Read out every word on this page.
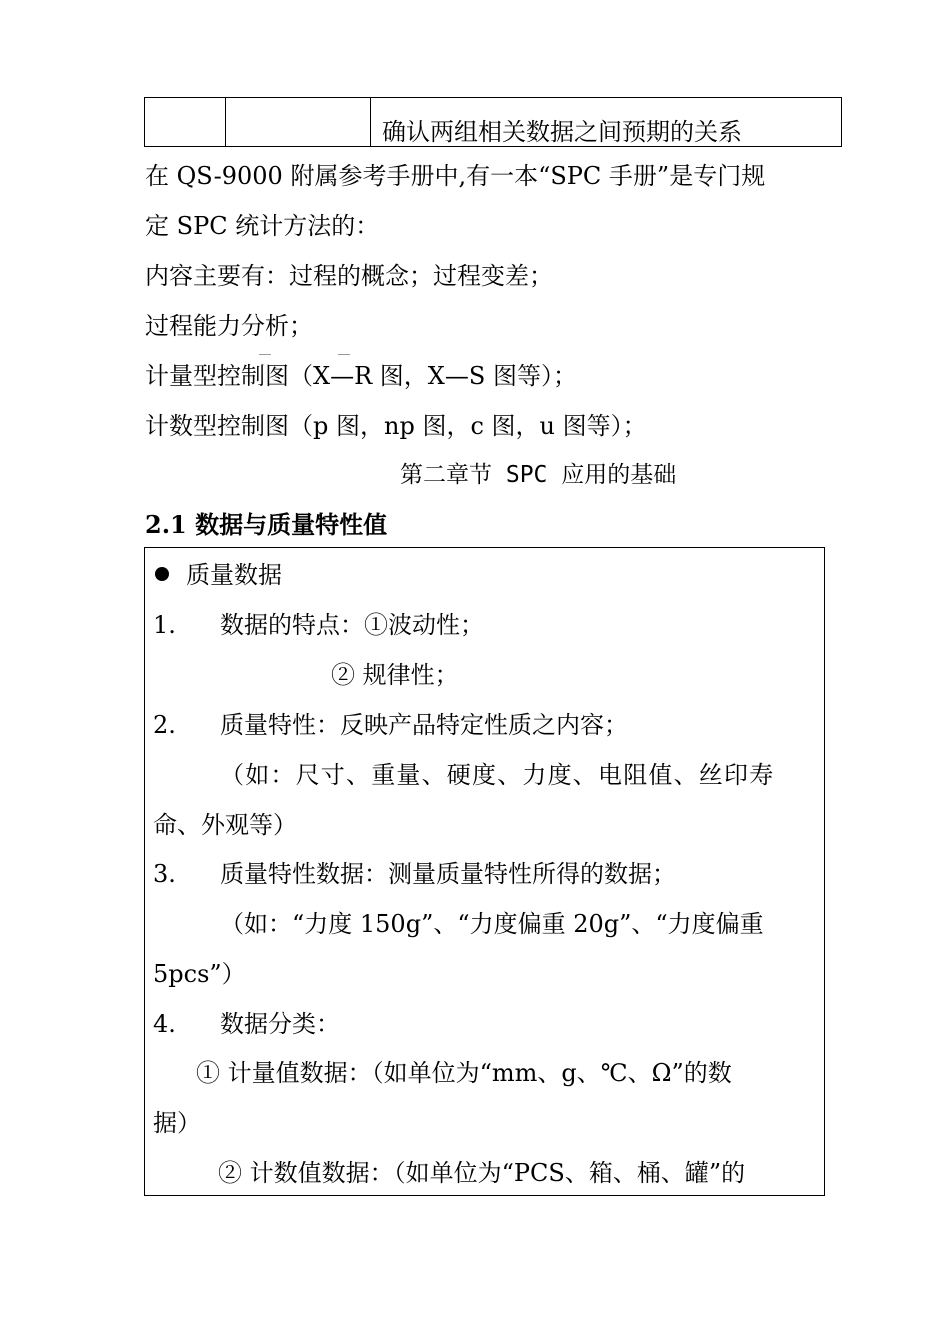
确认两组相关数据之间预期的关系
在 QS-9000 附属参考手册中,有一本“SPC 手册”是专门规
定 SPC 统计方法的：
内容主要有：过程的概念；过程变差；
过程能力分析；
计量型控制图（X—R 图，X—S 图等）；
计数型控制图（p 图，np 图，c 图，u 图等）；
第二章节 SPC 应用的基础
2.1 数据与质量特性值
质量数据
1. 数据的特点：①波动性；
② 规律性；
2. 质量特性：反映产品特定性质之内容；
（如：尺寸、重量、硬度、力度、电阻值、丝印寿
命、外观等）
3. 质量特性数据：测量质量特性所得的数据；
（如：“力度 150g”、“力度偏重 20g”、“力度偏重
5pcs”）
4. 数据分类：
① 计量值数据：（如单位为“mm、g、℃、Ω”的数
据）
② 计数值数据：（如单位为“PCS、箱、桶、罐”的
